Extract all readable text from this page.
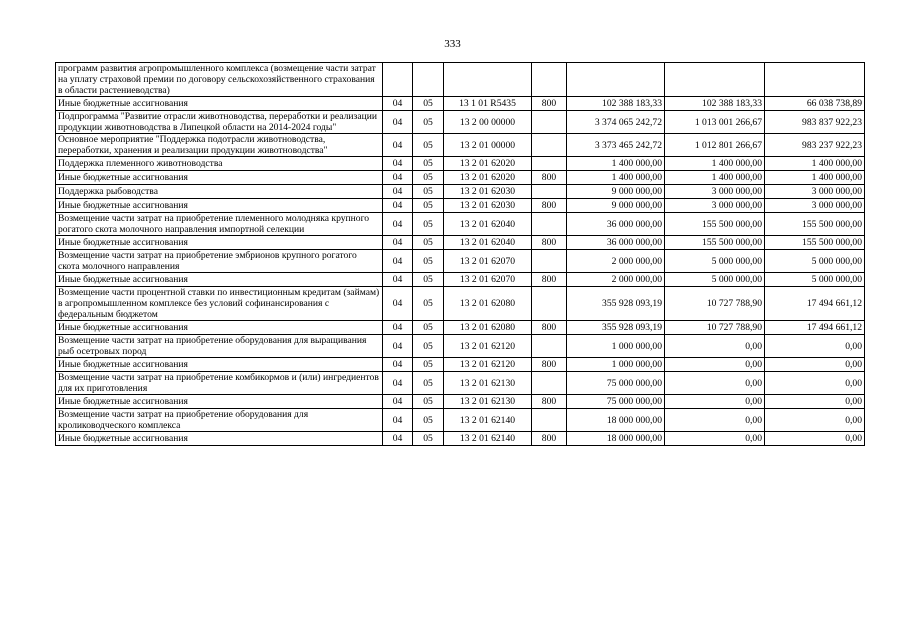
333
программ развития агропромышленного комплекса (возмещение части затрат на уплату страховой премии по договору сельскохозяйственного страхования в области растениеводства)							
Иные бюджетные ассигнования	04	05	13 1 01 R5435	800	102 388 183,33	102 388 183,33	66 038 738,89
Подпрограмма "Развитие отрасли животноводства, переработки и реализации продукции животноводства в Липецкой области на 2014-2024 годы"	04	05	13 2 00 00000		3 374 065 242,72	1 013 001 266,67	983 837 922,23
Основное мероприятие "Поддержка подотрасли животноводства, переработки, хранения и реализации продукции животноводства"	04	05	13 2 01 00000		3 373 465 242,72	1 012 801 266,67	983 237 922,23
Поддержка племенного животноводства	04	05	13 2 01 62020		1 400 000,00	1 400 000,00	1 400 000,00
Иные бюджетные ассигнования	04	05	13 2 01 62020	800	1 400 000,00	1 400 000,00	1 400 000,00
Поддержка рыбоводства	04	05	13 2 01 62030		9 000 000,00	3 000 000,00	3 000 000,00
Иные бюджетные ассигнования	04	05	13 2 01 62030	800	9 000 000,00	3 000 000,00	3 000 000,00
Возмещение части затрат на приобретение племенного молодняка крупного рогатого скота молочного направления импортной селекции	04	05	13 2 01 62040		36 000 000,00	155 500 000,00	155 500 000,00
Иные бюджетные ассигнования	04	05	13 2 01 62040	800	36 000 000,00	155 500 000,00	155 500 000,00
Возмещение части затрат на приобретение эмбрионов крупного рогатого скота молочного направления	04	05	13 2 01 62070		2 000 000,00	5 000 000,00	5 000 000,00
Иные бюджетные ассигнования	04	05	13 2 01 62070	800	2 000 000,00	5 000 000,00	5 000 000,00
Возмещение части процентной ставки по инвестиционным кредитам (займам) в агропромышленном комплексе без условий софинансирования с федеральным бюджетом	04	05	13 2 01 62080		355 928 093,19	10 727 788,90	17 494 661,12
Иные бюджетные ассигнования	04	05	13 2 01 62080	800	355 928 093,19	10 727 788,90	17 494 661,12
Возмещение части затрат на приобретение оборудования для выращивания рыб осетровых пород	04	05	13 2 01 62120		1 000 000,00	0,00	0,00
Иные бюджетные ассигнования	04	05	13 2 01 62120	800	1 000 000,00	0,00	0,00
Возмещение части затрат на приобретение комбикормов и (или) ингредиентов для их приготовления	04	05	13 2 01 62130		75 000 000,00	0,00	0,00
Иные бюджетные ассигнования	04	05	13 2 01 62130	800	75 000 000,00	0,00	0,00
Возмещение части затрат на приобретение оборудования для кролиководческого комплекса	04	05	13 2 01 62140		18 000 000,00	0,00	0,00
Иные бюджетные ассигнования	04	05	13 2 01 62140	800	18 000 000,00	0,00	0,00
